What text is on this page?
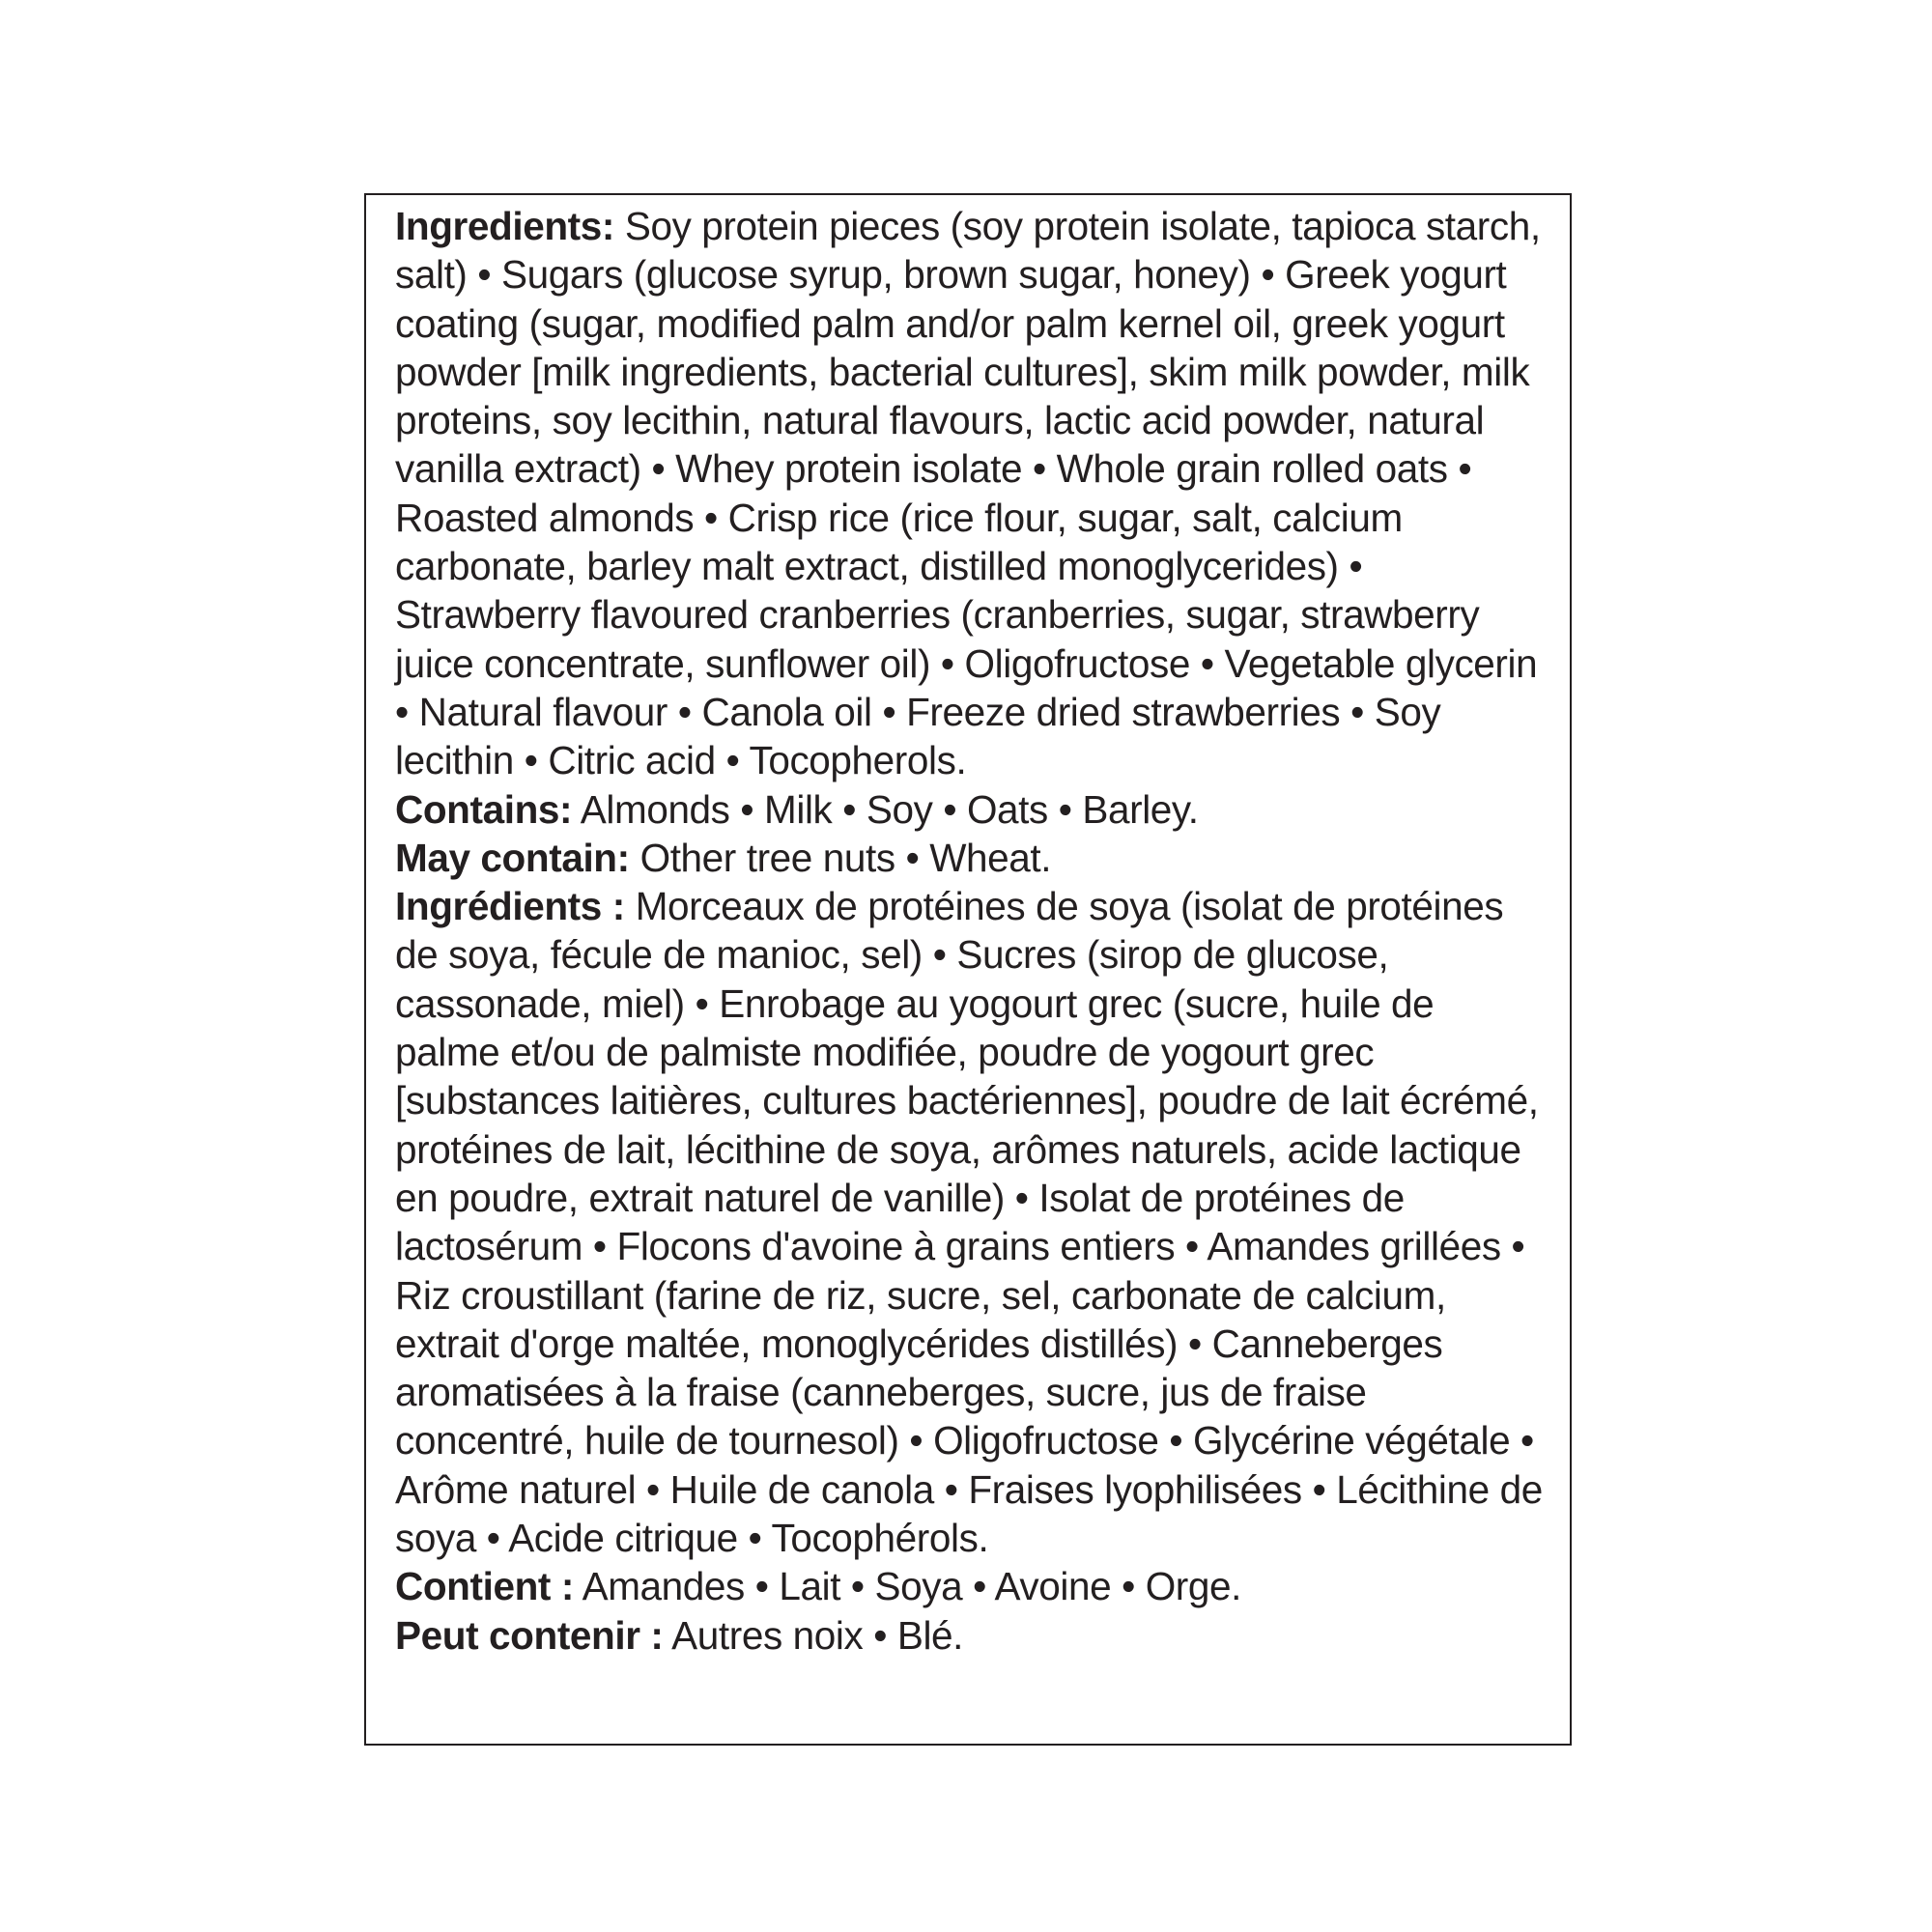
Ingredients: Soy protein pieces (soy protein isolate, tapioca starch, salt) • Sugars (glucose syrup, brown sugar, honey) • Greek yogurt coating (sugar, modified palm and/or palm kernel oil, greek yogurt powder [milk ingredients, bacterial cultures], skim milk powder, milk proteins, soy lecithin, natural flavours, lactic acid powder, natural vanilla extract) • Whey protein isolate • Whole grain rolled oats • Roasted almonds • Crisp rice (rice flour, sugar, salt, calcium carbonate, barley malt extract, distilled monoglycerides) • Strawberry flavoured cranberries (cranberries, sugar, strawberry juice concentrate, sunflower oil) • Oligofructose • Vegetable glycerin • Natural flavour • Canola oil • Freeze dried strawberries • Soy lecithin • Citric acid • Tocopherols.

Contains: Almonds • Milk • Soy • Oats • Barley.

May contain: Other tree nuts • Wheat.

Ingrédients : Morceaux de protéines de soya (isolat de protéines de soya, fécule de manioc, sel) • Sucres (sirop de glucose, cassonade, miel) • Enrobage au yogourt grec (sucre, huile de palme et/ou de palmiste modifiée, poudre de yogourt grec [substances laitières, cultures bactériennes], poudre de lait écrémé, protéines de lait, lécithine de soya, arômes naturels, acide lactique en poudre, extrait naturel de vanille) • Isolat de protéines de lactosérum • Flocons d'avoine à grains entiers • Amandes grillées • Riz croustillant (farine de riz, sucre, sel, carbonate de calcium, extrait d'orge maltée, monoglycérides distillés) • Canneberges aromatisées à la fraise (canneberges, sucre, jus de fraise concentré, huile de tournesol) • Oligofructose • Glycérine végétale • Arôme naturel • Huile de canola • Fraises lyophilisées • Lécithine de soya • Acide citrique • Tocophérols.

Contient : Amandes • Lait • Soya • Avoine • Orge.

Peut contenir : Autres noix • Blé.
